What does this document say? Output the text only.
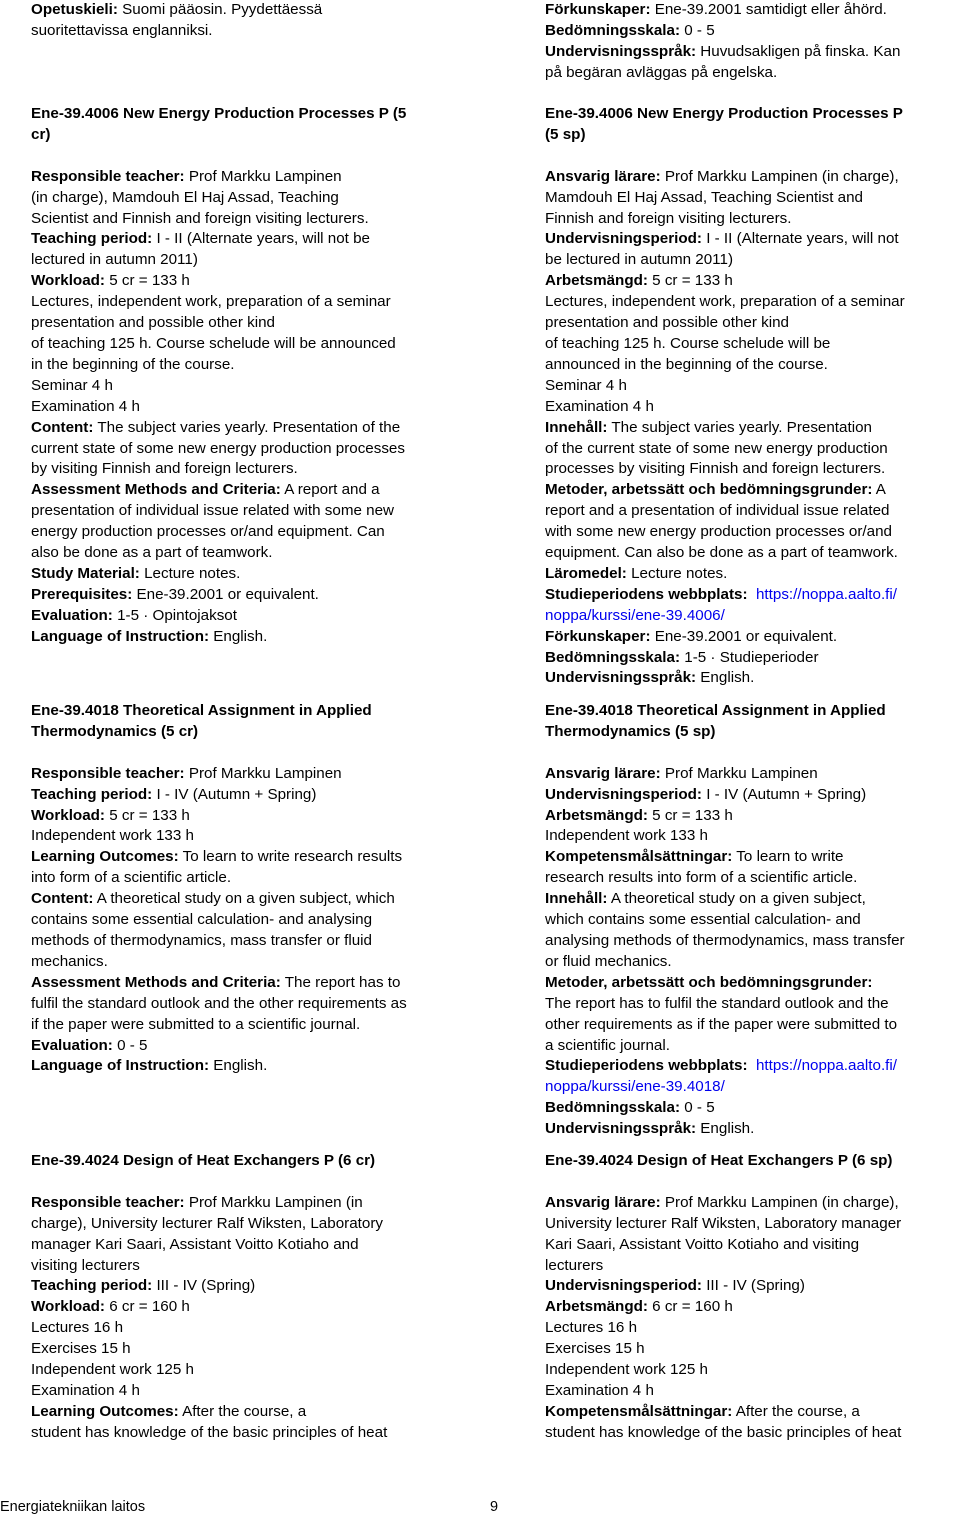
Opetuskieli: Suomi pääosin. Pyydettäessä
suoritettavissa englanniksi.
Ene-39.4006 New Energy Production Processes P (5
cr)

Responsible teacher: Prof Markku Lampinen
(in charge), Mamdouh El Haj Assad, Teaching
Scientist and Finnish and foreign visiting lecturers.
Teaching period: I - II (Alternate years, will not be
lectured in autumn 2011)
Workload: 5 cr = 133 h
Lectures, independent work, preparation of a seminar
presentation and possible other kind
of teaching 125 h. Course schelude will be announced
in the beginning of the course.
Seminar 4 h
Examination 4 h
Content: The subject varies yearly. Presentation of the
current state of some new energy production processes
by visiting Finnish and foreign lecturers.
Assessment Methods and Criteria: A report and a
presentation of individual issue related with some new
energy production processes or/and equipment. Can
also be done as a part of teamwork.
Study Material: Lecture notes.
Prerequisites: Ene-39.2001 or equivalent.
Evaluation: 1-5 · Opintojaksot
Language of Instruction: English.
Ene-39.4018 Theoretical Assignment in Applied
Thermodynamics (5 cr)

Responsible teacher: Prof Markku Lampinen
Teaching period: I - IV (Autumn + Spring)
Workload: 5 cr = 133 h
Independent work 133 h
Learning Outcomes: To learn to write research results
into form of a scientific article.
Content: A theoretical study on a given subject, which
contains some essential calculation- and analysing
methods of thermodynamics, mass transfer or fluid
mechanics.
Assessment Methods and Criteria: The report has to
fulfil the standard outlook and the other requirements as
if the paper were submitted to a scientific journal.
Evaluation: 0 - 5
Language of Instruction: English.
Ene-39.4024 Design of Heat Exchangers P (6 cr)

Responsible teacher: Prof Markku Lampinen (in
charge), University lecturer Ralf Wiksten, Laboratory
manager Kari Saari, Assistant Voitto Kotiaho and
visiting lecturers
Teaching period: III - IV (Spring)
Workload: 6 cr = 160 h
Lectures 16 h
Exercises 15 h
Independent work 125 h
Examination 4 h
Learning Outcomes: After the course, a
student has knowledge of the basic principles of heat
Förkunskaper: Ene-39.2001 samtidigt eller åhörd.
Bedömningsskala: 0 - 5
Undervisningsspråk: Huvudsakligen på finska. Kan
på begäran avläggas på engelska.
Ene-39.4006 New Energy Production Processes P
(5 sp)

Ansvarig lärare: Prof Markku Lampinen (in charge),
Mamdouh El Haj Assad, Teaching Scientist and
Finnish and foreign visiting lecturers.
Undervisningsperiod: I - II (Alternate years, will not
be lectured in autumn 2011)
Arbetsmängd: 5 cr = 133 h
Lectures, independent work, preparation of a seminar
presentation and possible other kind
of teaching 125 h. Course schelude will be
announced in the beginning of the course.
Seminar 4 h
Examination 4 h
Innehåll: The subject varies yearly. Presentation
of the current state of some new energy production
processes by visiting Finnish and foreign lecturers.
Metoder, arbetssätt och bedömningsgrunder: A
report and a presentation of individual issue related
with some new energy production processes or/and
equipment. Can also be done as a part of teamwork.
Läromedel: Lecture notes.
Studieperiodens webbplats: https://noppa.aalto.fi/
noppa/kurssi/ene-39.4006/
Förkunskaper: Ene-39.2001 or equivalent.
Bedömningsskala: 1-5 · Studieperioder
Undervisningsspråk: English.
Ene-39.4018 Theoretical Assignment in Applied
Thermodynamics (5 sp)

Ansvarig lärare: Prof Markku Lampinen
Undervisningsperiod: I - IV (Autumn + Spring)
Arbetsmängd: 5 cr = 133 h
Independent work 133 h
Kompetensmålsättningar: To learn to write
research results into form of a scientific article.
Innehåll: A theoretical study on a given subject,
which contains some essential calculation- and
analysing methods of thermodynamics, mass transfer
or fluid mechanics.
Metoder, arbetssätt och bedömningsgrunder:
The report has to fulfil the standard outlook and the
other requirements as if the paper were submitted to
a scientific journal.
Studieperiodens webbplats: https://noppa.aalto.fi/
noppa/kurssi/ene-39.4018/
Bedömningsskala: 0 - 5
Undervisningsspråk: English.
Ene-39.4024 Design of Heat Exchangers P (6 sp)

Ansvarig lärare: Prof Markku Lampinen (in charge),
University lecturer Ralf Wiksten, Laboratory manager
Kari Saari, Assistant Voitto Kotiaho and visiting
lecturers
Undervisningsperiod: III - IV (Spring)
Arbetsmängd: 6 cr = 160 h
Lectures 16 h
Exercises 15 h
Independent work 125 h
Examination 4 h
Kompetensmålsättningar: After the course, a
student has knowledge of the basic principles of heat
Energiatekniikan laitos	9
